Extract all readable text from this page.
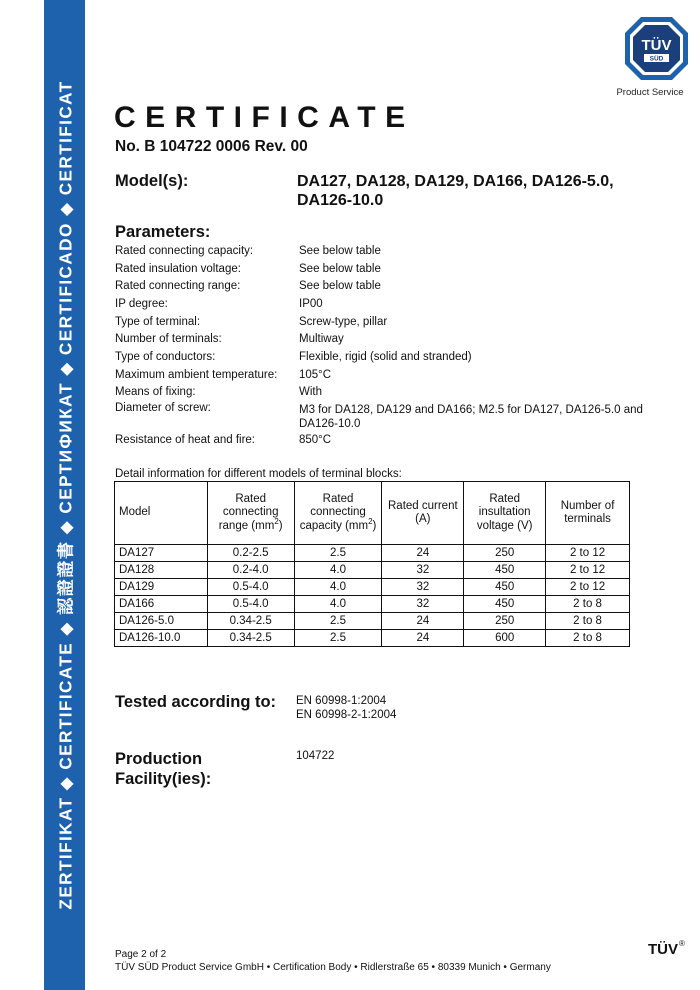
ZERTIFIKAT ◆ CERTIFICATE ◆ 認證證書 ◆ СЕРТИФИКАТ ◆ CERTIFICADO ◆ CERTIFICAT
TÜV
SÜD
Product Service
CERTIFICATE
No. B 104722 0006 Rev. 00
Model(s):	DA127, DA128, DA129, DA166, DA126-5.0,
DA126-10.0
Parameters:
Rated connecting capacity:	See below table
Rated insulation voltage:	See below table
Rated connecting range:	See below table
IP degree:	IP00
Type of terminal:	Screw-type, pillar
Number of terminals:	Multiway
Type of conductors:	Flexible, rigid (solid and stranded)
Maximum ambient temperature: 105°C
Means of fixing:	With
Diameter of screw:	M3 for DA128, DA129 and DA166; M2.5 for DA127, DA126-5.0 and DA126-10.0
Resistance of heat and fire:	850°C
Detail information for different models of terminal blocks:
Model	Rated connecting range $(mm^2)$	Rated connecting capacity $(mm^2)$	Rated current (A)	Rated insultation voltage (V)	Number of terminals
DA127	0.2-2.5	2.5	24	250	2 to 12
DA128	0.2-4.0	4.0	32	450	2 to 12
DA129	0.5-4.0	4.0	32	450	2 to 12
DA166	0.5-4.0	4.0	32	450	2 to 8
DA126-5.0	0.34-2.5	2.5	24	250	2 to 8
DA126-10.0	0.34-2.5	2.5	24	600	2 to 8
Tested according to: EN 60998-1:2004
EN 60998-2-1:2004
Production
Facility(ies):
104722
Page 2 of 2
TÜV SÜD Product Service GmbH • Certification Body • Ridlerstraße 65 • 80339 Munich • Germany
TÜV ®
